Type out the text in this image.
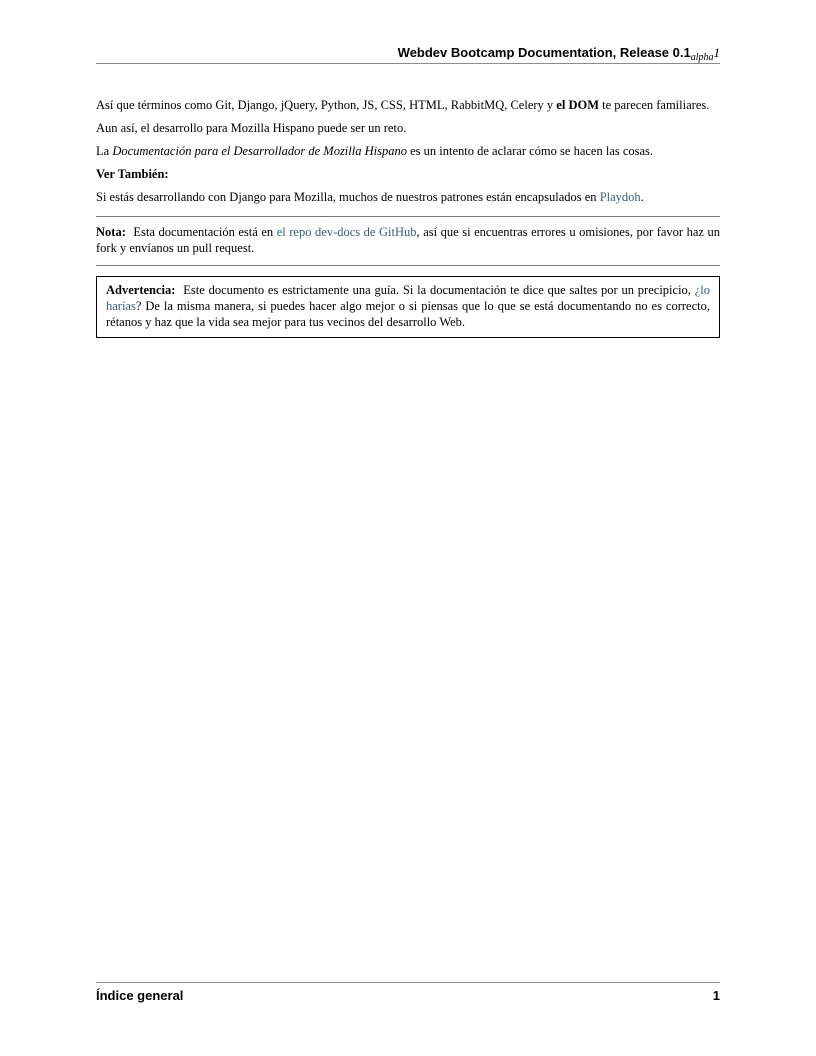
Webdev Bootcamp Documentation, Release $0.1_{alpha}1$

Así que términos como Git, Django, jQuery, Python, JS, CSS, HTML, RabbitMQ, Celery y el DOM te parecen familiares.

Aun así, el desarrollo para Mozilla Hispano puede ser un reto.

La Documentación para el Desarrollador de Mozilla Hispano es un intento de aclarar cómo se hacen las cosas.

Ver También:

Si estás desarrollando con Django para Mozilla, muchos de nuestros patrones están encapsulados en Playdoh.

Nota: Esta documentación está en el repo dev-docs de GitHub, así que si encuentras errores u omisiones, por favor haz un fork y envíanos un pull request.
Advertencia: Este documento es estrictamente una guía. Si la documentación te dice que saltes por un precipicio, ¿lo harías? De la misma manera, si puedes hacer algo mejor o si piensas que lo que se está documentando no es correcto, rétanos y haz que la vida sea mejor para tus vecinos del desarrollo Web.
Índice general	1
